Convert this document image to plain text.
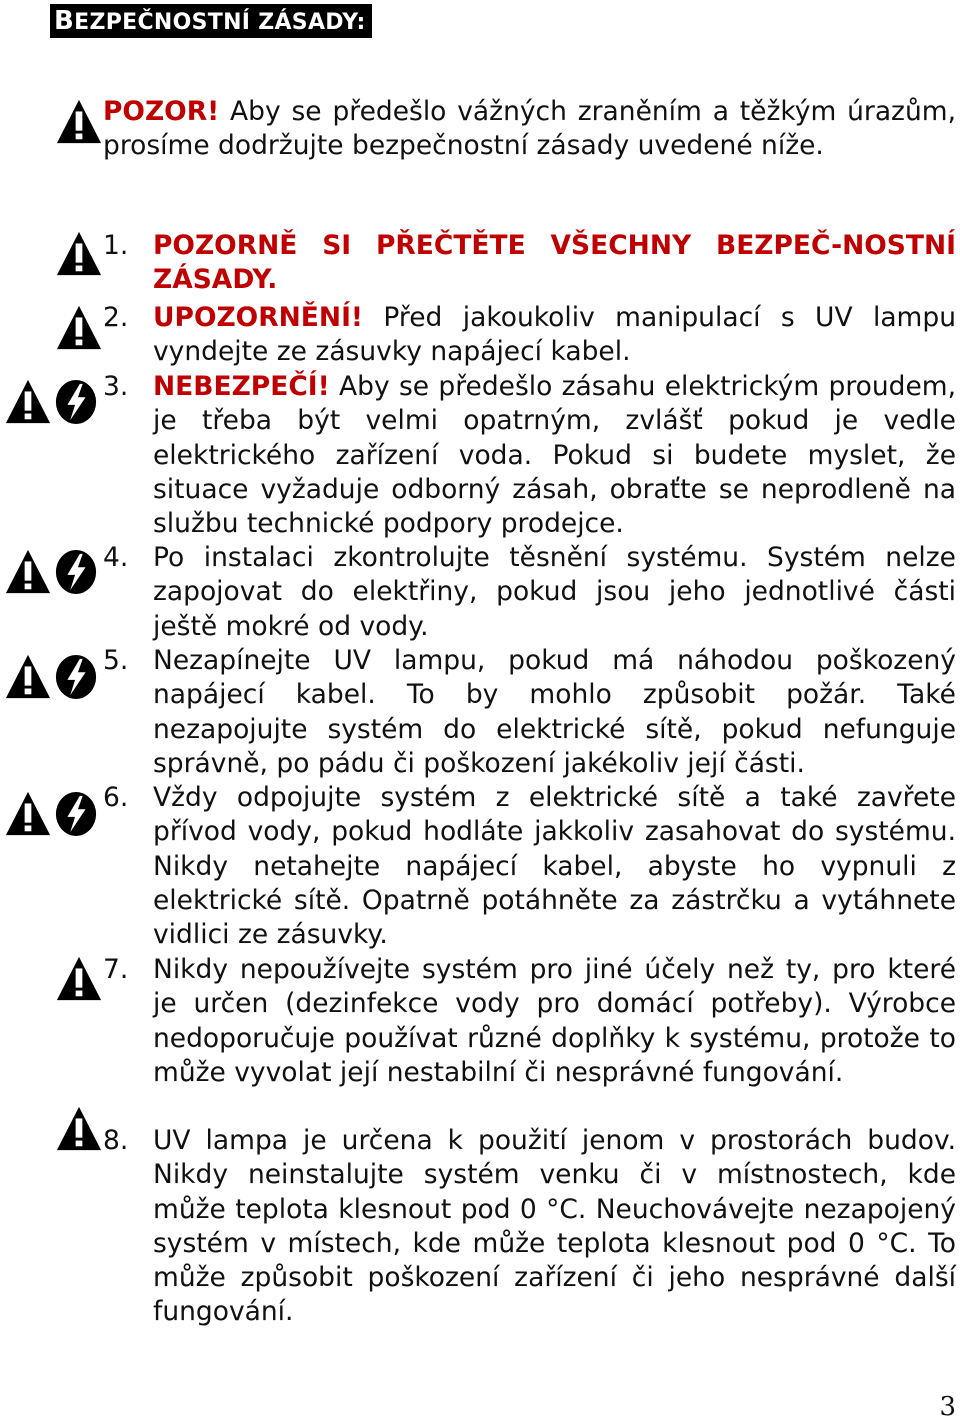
BEZPEČNOSTNÍ ZÁSADY:

POZOR! Aby se předešlo vážných zraněním a těžkým úrazům, prosíme dodržujte bezpečnostní zásady uvedené níže.

1. POZORNĚ SI PŘEČTĚTE VŠECHNY BEZPEČ-NOSTNÍ ZÁSADY.

2. UPOZORNĚNÍ! Před jakoukoliv manipulací s UV lampu vyndejte ze zásuvky napájecí kabel.

3. NEBEZPEČÍ! Aby se předešlo zásahu elektrickým proudem, je třeba být velmi opatrným, zvlášť pokud je vedle elektrického zařízení voda. Pokud si budete myslet, že situace vyžaduje odborný zásah, obraťte se neprodleně na službu technické podpory prodejce.

4. Po instalaci zkontrolujte těsnění systému. Systém nelze zapojovat do elektřiny, pokud jsou jeho jednotlivé části ještě mokré od vody.

5. Nezapínejte UV lampu, pokud má náhodou poškozený napájecí kabel. To by mohlo způsobit požár. Také nezapojujte systém do elektrické sítě, pokud nefunguje správně, po pádu či poškození jakékoliv její části.

6. Vždy odpojujte systém z elektrické sítě a také zavřete přívod vody, pokud hodláte jakkoliv zasahovat do systému. Nikdy netahejte napájecí kabel, abyste ho vypnuli z elektrické sítě. Opatrně potáhněte za zástrčku a vytáhnete vidlici ze zásuvky.

7. Nikdy nepoužívejte systém pro jiné účely než ty, pro které je určen (dezinfekce vody pro domácí potřeby). Výrobce nedoporučuje používat různé doplňky k systému, protože to může vyvolat její nestabilní či nesprávné fungování.

8. UV lampa je určena k použití jenom v prostorách budov. Nikdy neinstalujte systém venku či v místnostech, kde může teplota klesnout pod 0 °C. Neuchovávejte nezapojený systém v místech, kde může teplota klesnout pod 0 °C. To může způsobit poškození zařízení či jeho nesprávné další fungování.

3
